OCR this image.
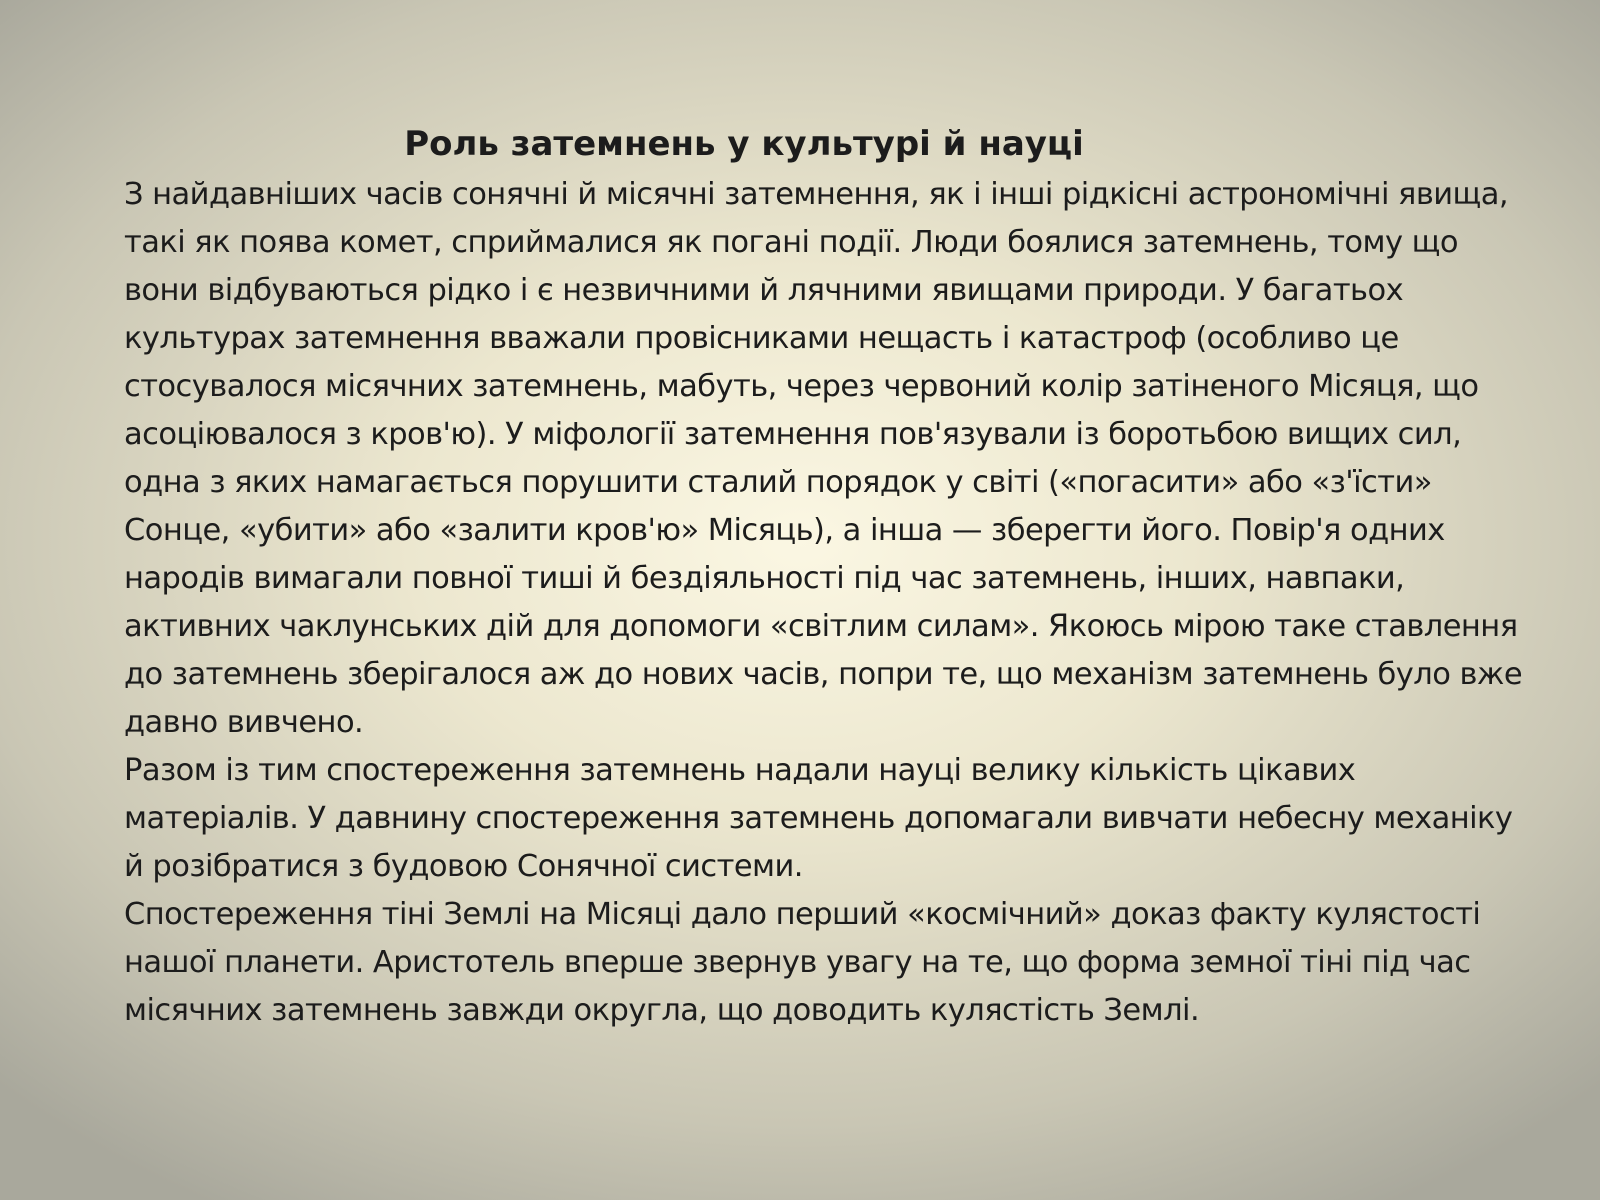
Роль затемнень у культурі й науці

З найдавніших часів сонячні й місячні затемнення, як і інші рідкісні астрономічні явища, такі як поява комет, сприймалися як погані події. Люди боялися затемнень, тому що вони відбуваються рідко і є незвичними й лячними явищами природи. У багатьох культурах затемнення вважали провісниками нещасть і катастроф (особливо це стосувалося місячних затемнень, мабуть, через червоний колір затіненого Місяця, що асоціювалося з кров'ю). У міфології затемнення пов'язували із боротьбою вищих сил, одна з яких намагається порушити сталий порядок у світі («погасити» або «з'їсти» Сонце, «убити» або «залити кров'ю» Місяць), а інша — зберегти його. Повір'я одних народів вимагали повної тиші й бездіяльності під час затемнень, інших, навпаки, активних чаклунських дій для допомоги «світлим силам». Якоюсь мірою таке ставлення до затемнень зберігалося аж до нових часів, попри те, що механізм затемнень було вже давно вивчено.

Разом із тим спостереження затемнень надали науці велику кількість цікавих матеріалів. У давнину спостереження затемнень допомагали вивчати небесну механіку й розібратися з будовою Сонячної системи.

Спостереження тіні Землі на Місяці дало перший «космічний» доказ факту кулястості нашої планети. Аристотель вперше звернув увагу на те, що форма земної тіні під час місячних затемнень завжди округла, що доводить кулястість Землі.
